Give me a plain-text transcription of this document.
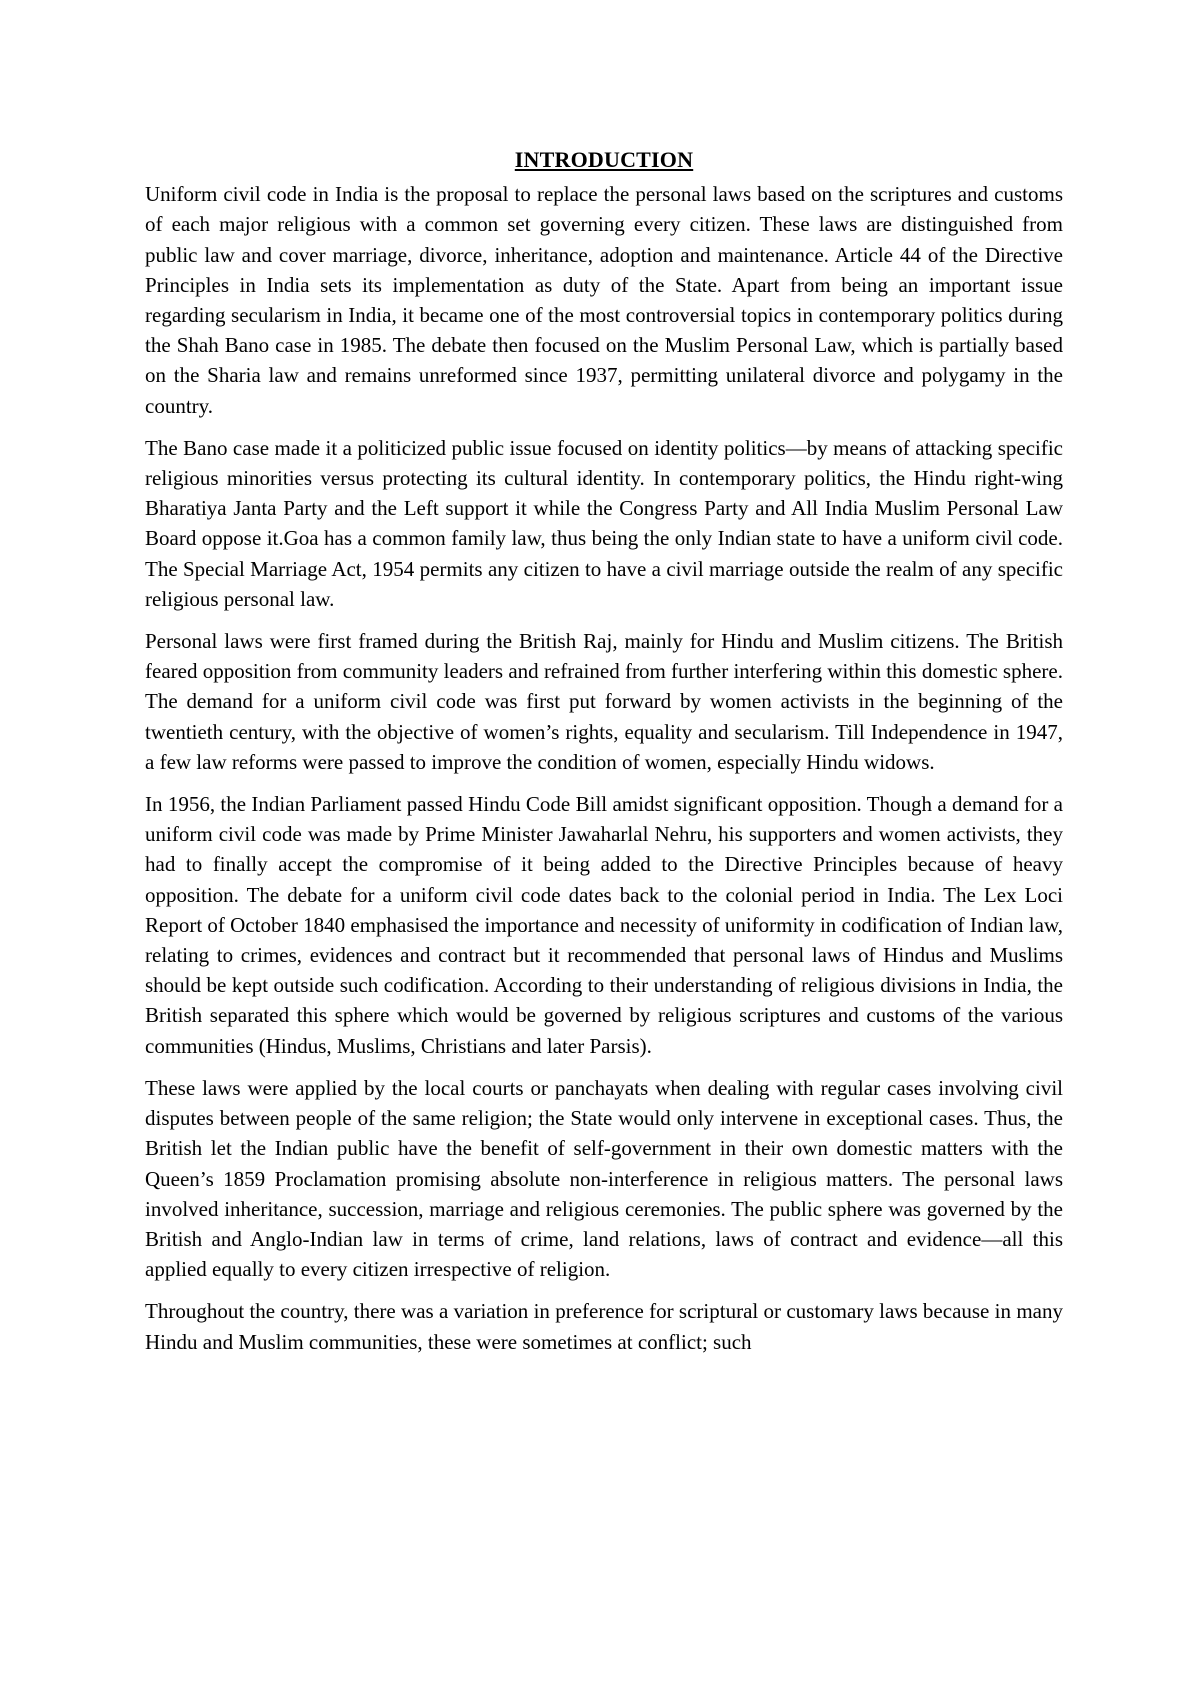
INTRODUCTION

Uniform civil code in India is the proposal to replace the personal laws based on the scriptures and customs of each major religious with a common set governing every citizen. These laws are distinguished from public law and cover marriage, divorce, inheritance, adoption and maintenance. Article 44 of the Directive Principles in India sets its implementation as duty of the State. Apart from being an important issue regarding secularism in India, it became one of the most controversial topics in contemporary politics during the Shah Bano case in 1985. The debate then focused on the Muslim Personal Law, which is partially based on the Sharia law and remains unreformed since 1937, permitting unilateral divorce and polygamy in the country.

The Bano case made it a politicized public issue focused on identity politics—by means of attacking specific religious minorities versus protecting its cultural identity. In contemporary politics, the Hindu right-wing Bharatiya Janta Party and the Left support it while the Congress Party and All India Muslim Personal Law Board oppose it.Goa has a common family law, thus being the only Indian state to have a uniform civil code. The Special Marriage Act, 1954 permits any citizen to have a civil marriage outside the realm of any specific religious personal law.

Personal laws were first framed during the British Raj, mainly for Hindu and Muslim citizens. The British feared opposition from community leaders and refrained from further interfering within this domestic sphere. The demand for a uniform civil code was first put forward by women activists in the beginning of the twentieth century, with the objective of women’s rights, equality and secularism. Till Independence in 1947, a few law reforms were passed to improve the condition of women, especially Hindu widows.

In 1956, the Indian Parliament passed Hindu Code Bill amidst significant opposition. Though a demand for a uniform civil code was made by Prime Minister Jawaharlal Nehru, his supporters and women activists, they had to finally accept the compromise of it being added to the Directive Principles because of heavy opposition. The debate for a uniform civil code dates back to the colonial period in India. The Lex Loci Report of October 1840 emphasised the importance and necessity of uniformity in codification of Indian law, relating to crimes, evidences and contract but it recommended that personal laws of Hindus and Muslims should be kept outside such codification. According to their understanding of religious divisions in India, the British separated this sphere which would be governed by religious scriptures and customs of the various communities (Hindus, Muslims, Christians and later Parsis).

These laws were applied by the local courts or panchayats when dealing with regular cases involving civil disputes between people of the same religion; the State would only intervene in exceptional cases. Thus, the British let the Indian public have the benefit of self-government in their own domestic matters with the Queen’s 1859 Proclamation promising absolute non-interference in religious matters. The personal laws involved inheritance, succession, marriage and religious ceremonies. The public sphere was governed by the British and Anglo-Indian law in terms of crime, land relations, laws of contract and evidence—all this applied equally to every citizen irrespective of religion.

Throughout the country, there was a variation in preference for scriptural or customary laws because in many Hindu and Muslim communities, these were sometimes at conflict; such
